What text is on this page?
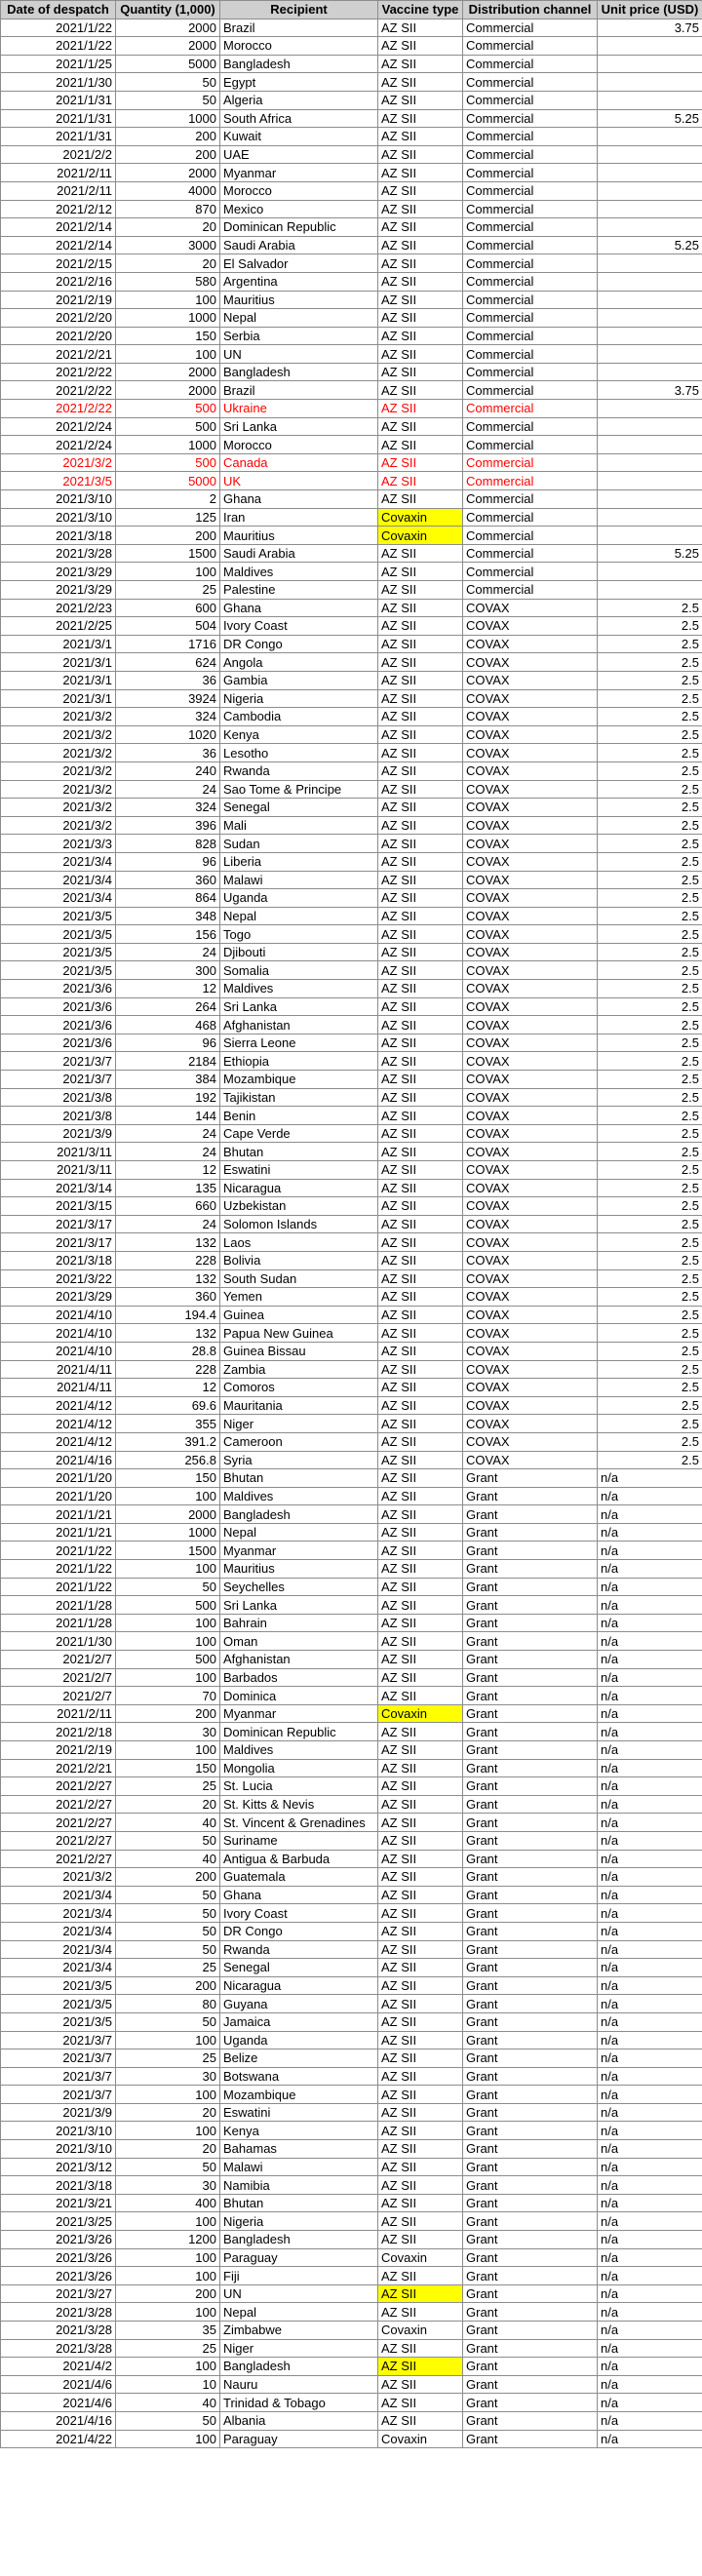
Date of despatch	Quantity (1,000)	Recipient	Vaccine type	Distribution channel	Unit price (USD)
2021/1/22	2000	Brazil	AZ SII	Commercial	3.75
2021/1/22	2000	Morocco	AZ SII	Commercial	
2021/1/25	5000	Bangladesh	AZ SII	Commercial	
2021/1/30	50	Egypt	AZ SII	Commercial	
2021/1/31	50	Algeria	AZ SII	Commercial	
2021/1/31	1000	South Africa	AZ SII	Commercial	5.25
2021/1/31	200	Kuwait	AZ SII	Commercial	
2021/2/2	200	UAE	AZ SII	Commercial	
2021/2/11	2000	Myanmar	AZ SII	Commercial	
2021/2/11	4000	Morocco	AZ SII	Commercial	
2021/2/12	870	Mexico	AZ SII	Commercial	
2021/2/14	20	Dominican Republic	AZ SII	Commercial	
2021/2/14	3000	Saudi Arabia	AZ SII	Commercial	5.25
2021/2/15	20	El Salvador	AZ SII	Commercial	
2021/2/16	580	Argentina	AZ SII	Commercial	
2021/2/19	100	Mauritius	AZ SII	Commercial	
2021/2/20	1000	Nepal	AZ SII	Commercial	
2021/2/20	150	Serbia	AZ SII	Commercial	
2021/2/21	100	UN	AZ SII	Commercial	
2021/2/22	2000	Bangladesh	AZ SII	Commercial	
2021/2/22	2000	Brazil	AZ SII	Commercial	3.75
2021/2/22	500	Ukraine	AZ SII	Commercial	
2021/2/24	500	Sri Lanka	AZ SII	Commercial	
2021/2/24	1000	Morocco	AZ SII	Commercial	
2021/3/2	500	Canada	AZ SII	Commercial	
2021/3/5	5000	UK	AZ SII	Commercial	
2021/3/10	2	Ghana	AZ SII	Commercial	
2021/3/10	125	Iran	Covaxin	Commercial	
2021/3/18	200	Mauritius	Covaxin	Commercial	
2021/3/28	1500	Saudi Arabia	AZ SII	Commercial	5.25
2021/3/29	100	Maldives	AZ SII	Commercial	
2021/3/29	25	Palestine	AZ SII	Commercial	
2021/2/23	600	Ghana	AZ SII	COVAX	2.5
2021/2/25	504	Ivory Coast	AZ SII	COVAX	2.5
2021/3/1	1716	DR Congo	AZ SII	COVAX	2.5
2021/3/1	624	Angola	AZ SII	COVAX	2.5
2021/3/1	36	Gambia	AZ SII	COVAX	2.5
2021/3/1	3924	Nigeria	AZ SII	COVAX	2.5
2021/3/2	324	Cambodia	AZ SII	COVAX	2.5
2021/3/2	1020	Kenya	AZ SII	COVAX	2.5
2021/3/2	36	Lesotho	AZ SII	COVAX	2.5
2021/3/2	240	Rwanda	AZ SII	COVAX	2.5
2021/3/2	24	Sao Tome & Principe	AZ SII	COVAX	2.5
2021/3/2	324	Senegal	AZ SII	COVAX	2.5
2021/3/2	396	Mali	AZ SII	COVAX	2.5
2021/3/3	828	Sudan	AZ SII	COVAX	2.5
2021/3/4	96	Liberia	AZ SII	COVAX	2.5
2021/3/4	360	Malawi	AZ SII	COVAX	2.5
2021/3/4	864	Uganda	AZ SII	COVAX	2.5
2021/3/5	348	Nepal	AZ SII	COVAX	2.5
2021/3/5	156	Togo	AZ SII	COVAX	2.5
2021/3/5	24	Djibouti	AZ SII	COVAX	2.5
2021/3/5	300	Somalia	AZ SII	COVAX	2.5
2021/3/6	12	Maldives	AZ SII	COVAX	2.5
2021/3/6	264	Sri Lanka	AZ SII	COVAX	2.5
2021/3/6	468	Afghanistan	AZ SII	COVAX	2.5
2021/3/6	96	Sierra Leone	AZ SII	COVAX	2.5
2021/3/7	2184	Ethiopia	AZ SII	COVAX	2.5
2021/3/7	384	Mozambique	AZ SII	COVAX	2.5
2021/3/8	192	Tajikistan	AZ SII	COVAX	2.5
2021/3/8	144	Benin	AZ SII	COVAX	2.5
2021/3/9	24	Cape Verde	AZ SII	COVAX	2.5
2021/3/11	24	Bhutan	AZ SII	COVAX	2.5
2021/3/11	12	Eswatini	AZ SII	COVAX	2.5
2021/3/14	135	Nicaragua	AZ SII	COVAX	2.5
2021/3/15	660	Uzbekistan	AZ SII	COVAX	2.5
2021/3/17	24	Solomon Islands	AZ SII	COVAX	2.5
2021/3/17	132	Laos	AZ SII	COVAX	2.5
2021/3/18	228	Bolivia	AZ SII	COVAX	2.5
2021/3/22	132	South Sudan	AZ SII	COVAX	2.5
2021/3/29	360	Yemen	AZ SII	COVAX	2.5
2021/4/10	194.4	Guinea	AZ SII	COVAX	2.5
2021/4/10	132	Papua New Guinea	AZ SII	COVAX	2.5
2021/4/10	28.8	Guinea Bissau	AZ SII	COVAX	2.5
2021/4/11	228	Zambia	AZ SII	COVAX	2.5
2021/4/11	12	Comoros	AZ SII	COVAX	2.5
2021/4/12	69.6	Mauritania	AZ SII	COVAX	2.5
2021/4/12	355	Niger	AZ SII	COVAX	2.5
2021/4/12	391.2	Cameroon	AZ SII	COVAX	2.5
2021/4/16	256.8	Syria	AZ SII	COVAX	2.5
2021/1/20	150	Bhutan	AZ SII	Grant	n/a
2021/1/20	100	Maldives	AZ SII	Grant	n/a
2021/1/21	2000	Bangladesh	AZ SII	Grant	n/a
2021/1/21	1000	Nepal	AZ SII	Grant	n/a
2021/1/22	1500	Myanmar	AZ SII	Grant	n/a
2021/1/22	100	Mauritius	AZ SII	Grant	n/a
2021/1/22	50	Seychelles	AZ SII	Grant	n/a
2021/1/28	500	Sri Lanka	AZ SII	Grant	n/a
2021/1/28	100	Bahrain	AZ SII	Grant	n/a
2021/1/30	100	Oman	AZ SII	Grant	n/a
2021/2/7	500	Afghanistan	AZ SII	Grant	n/a
2021/2/7	100	Barbados	AZ SII	Grant	n/a
2021/2/7	70	Dominica	AZ SII	Grant	n/a
2021/2/11	200	Myanmar	Covaxin	Grant	n/a
2021/2/18	30	Dominican Republic	AZ SII	Grant	n/a
2021/2/19	100	Maldives	AZ SII	Grant	n/a
2021/2/21	150	Mongolia	AZ SII	Grant	n/a
2021/2/27	25	St. Lucia	AZ SII	Grant	n/a
2021/2/27	20	St. Kitts & Nevis	AZ SII	Grant	n/a
2021/2/27	40	St. Vincent & Grenadines	AZ SII	Grant	n/a
2021/2/27	50	Suriname	AZ SII	Grant	n/a
2021/2/27	40	Antigua & Barbuda	AZ SII	Grant	n/a
2021/3/2	200	Guatemala	AZ SII	Grant	n/a
2021/3/4	50	Ghana	AZ SII	Grant	n/a
2021/3/4	50	Ivory Coast	AZ SII	Grant	n/a
2021/3/4	50	DR Congo	AZ SII	Grant	n/a
2021/3/4	50	Rwanda	AZ SII	Grant	n/a
2021/3/4	25	Senegal	AZ SII	Grant	n/a
2021/3/5	200	Nicaragua	AZ SII	Grant	n/a
2021/3/5	80	Guyana	AZ SII	Grant	n/a
2021/3/5	50	Jamaica	AZ SII	Grant	n/a
2021/3/7	100	Uganda	AZ SII	Grant	n/a
2021/3/7	25	Belize	AZ SII	Grant	n/a
2021/3/7	30	Botswana	AZ SII	Grant	n/a
2021/3/7	100	Mozambique	AZ SII	Grant	n/a
2021/3/9	20	Eswatini	AZ SII	Grant	n/a
2021/3/10	100	Kenya	AZ SII	Grant	n/a
2021/3/10	20	Bahamas	AZ SII	Grant	n/a
2021/3/12	50	Malawi	AZ SII	Grant	n/a
2021/3/18	30	Namibia	AZ SII	Grant	n/a
2021/3/21	400	Bhutan	AZ SII	Grant	n/a
2021/3/25	100	Nigeria	AZ SII	Grant	n/a
2021/3/26	1200	Bangladesh	AZ SII	Grant	n/a
2021/3/26	100	Paraguay	Covaxin	Grant	n/a
2021/3/26	100	Fiji	AZ SII	Grant	n/a
2021/3/27	200	UN	AZ SII	Grant	n/a
2021/3/28	100	Nepal	AZ SII	Grant	n/a
2021/3/28	35	Zimbabwe	Covaxin	Grant	n/a
2021/3/28	25	Niger	AZ SII	Grant	n/a
2021/4/2	100	Bangladesh	AZ SII	Grant	n/a
2021/4/6	10	Nauru	AZ SII	Grant	n/a
2021/4/6	40	Trinidad & Tobago	AZ SII	Grant	n/a
2021/4/16	50	Albania	AZ SII	Grant	n/a
2021/4/22	100	Paraguay	Covaxin	Grant	n/a
